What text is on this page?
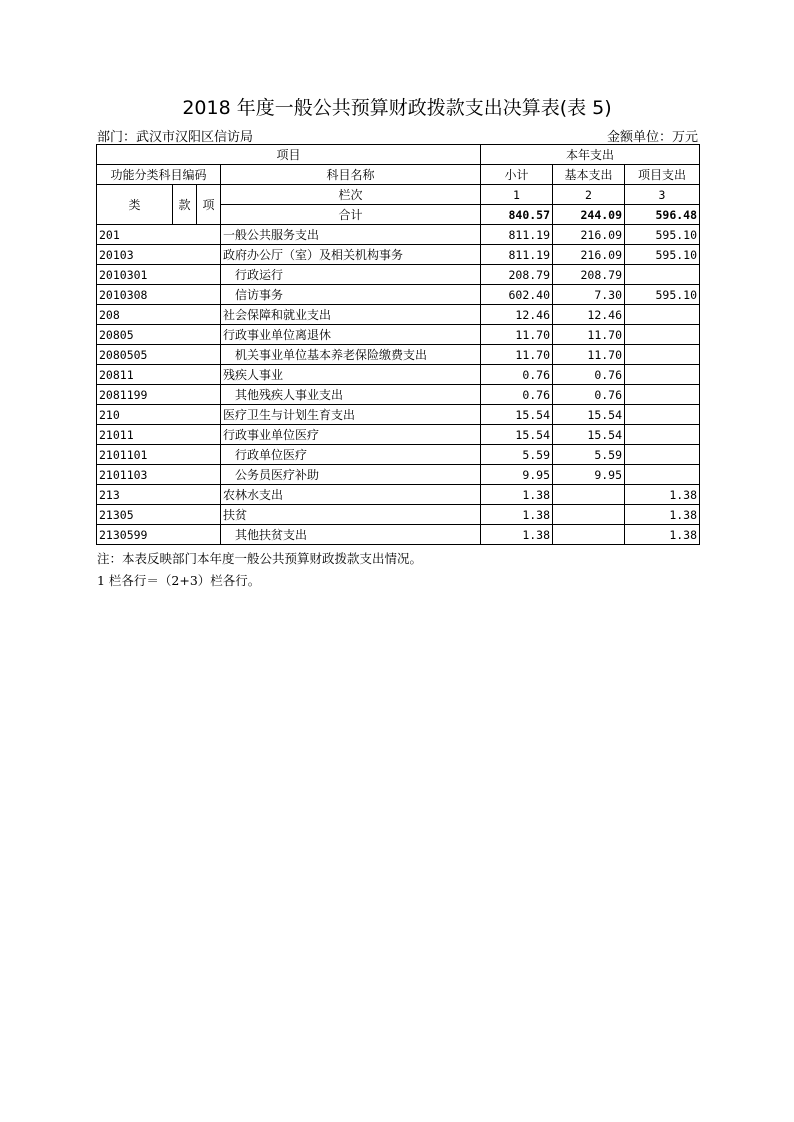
2018 年度一般公共预算财政拨款支出决算表(表 5)
部门：武汉市汉阳区信访局	金额单位：万元
项目				本年支出		
功能分类科目编码			科目名称	小计	基本支出	项目支出
类	款	项	栏次	1	2	3
			合计	840.57	244.09	596.48
201			一般公共服务支出	811.19	216.09	595.10
20103			政府办公厅（室）及相关机构事务	811.19	216.09	595.10
2010301			行政运行	208.79	208.79	
2010308			信访事务	602.40	7.30	595.10
208			社会保障和就业支出	12.46	12.46	
20805			行政事业单位离退休	11.70	11.70	
2080505			机关事业单位基本养老保险缴费支出	11.70	11.70	
20811			残疾人事业	0.76	0.76	
2081199			其他残疾人事业支出	0.76	0.76	
210			医疗卫生与计划生育支出	15.54	15.54	
21011			行政事业单位医疗	15.54	15.54	
2101101			行政单位医疗	5.59	5.59	
2101103			公务员医疗补助	9.95	9.95	
213			农林水支出	1.38		1.38
21305			扶贫	1.38		1.38
2130599			其他扶贫支出	1.38		1.38
注：本表反映部门本年度一般公共预算财政拨款支出情况。
1 栏各行＝（2+3）栏各行。
